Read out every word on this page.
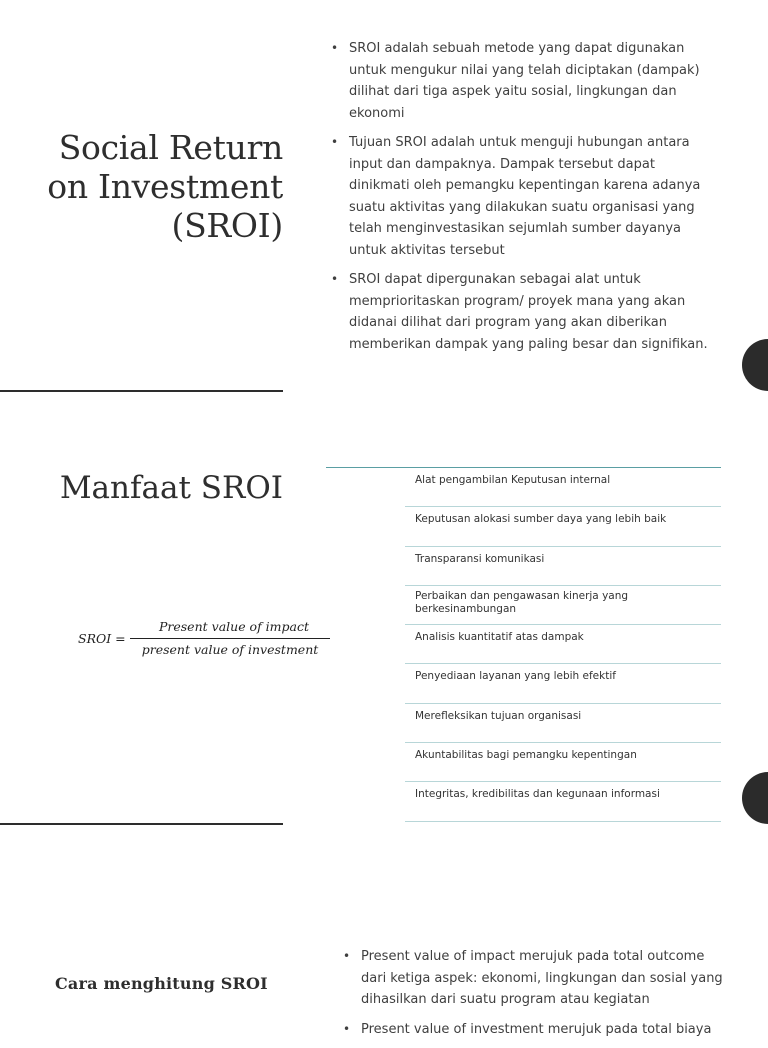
Social Return
on Investment
(SROI)
• SROI adalah sebuah metode yang dapat digunakan untuk mengukur nilai yang telah diciptakan (dampak) dilihat dari tiga aspek yaitu sosial, lingkungan dan ekonomi
• Tujuan SROI adalah untuk menguji hubungan antara input dan dampaknya. Dampak tersebut dapat dinikmati oleh pemangku kepentingan karena adanya suatu aktivitas yang dilakukan suatu organisasi yang telah menginvestasikan sejumlah sumber dayanya untuk aktivitas tersebut
• SROI dapat dipergunakan sebagai alat untuk memprioritaskan program/ proyek mana yang akan didanai dilihat dari program yang akan diberikan memberikan dampak yang paling besar dan signifikan.
Manfaat SROI
SROI =
Present value of impact
present value of investment
Alat pengambilan Keputusan internal
Keputusan alokasi sumber daya yang lebih baik
Transparansi komunikasi
Perbaikan dan pengawasan kinerja yang berkesinambungan
Analisis kuantitatif atas dampak
Penyediaan layanan yang lebih efektif
Merefleksikan tujuan organisasi
Akuntabilitas bagi pemangku kepentingan
Integritas, kredibilitas dan kegunaan informasi
Cara menghitung SROI
• Present value of impact merujuk pada total outcome dari ketiga aspek: ekonomi, lingkungan dan sosial yang dihasilkan dari suatu program atau kegiatan
• Present value of investment merujuk pada total biaya
